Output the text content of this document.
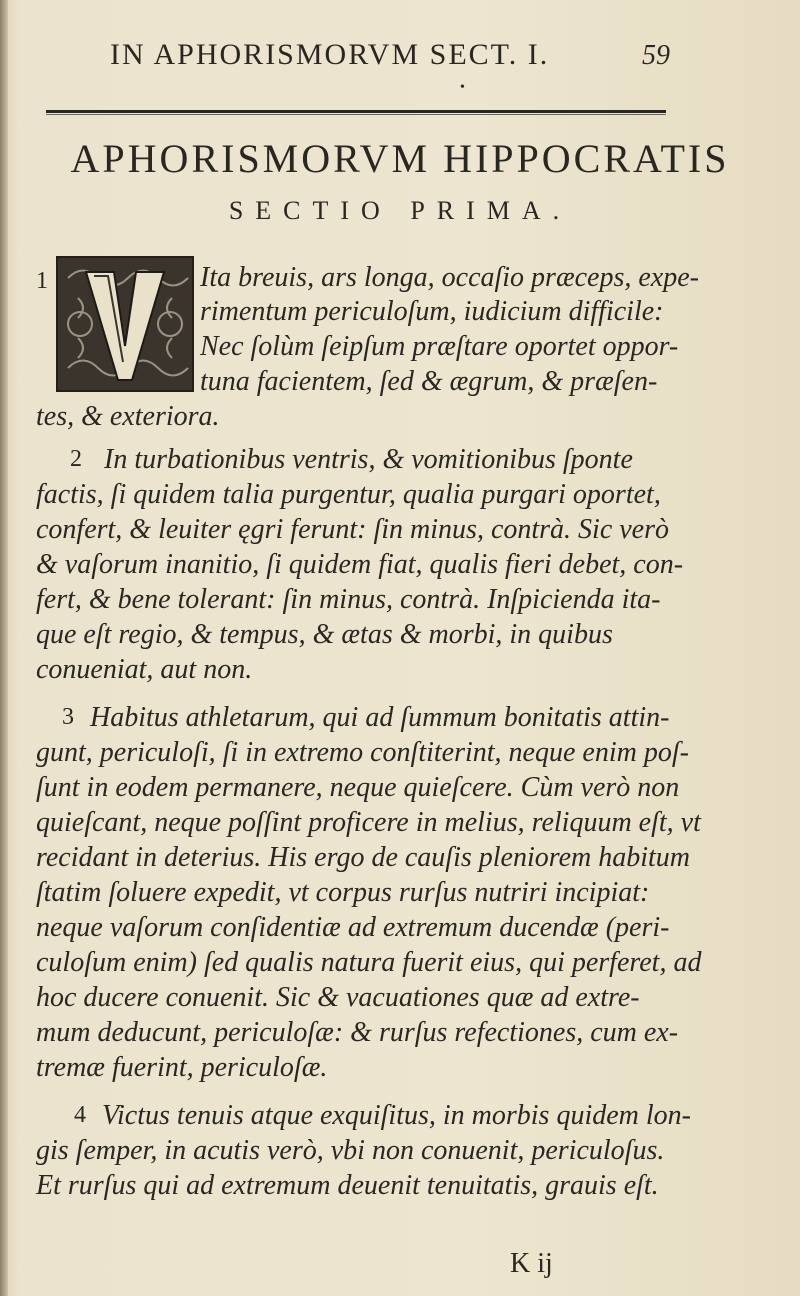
IN APHORISMORVM SECT. I.	59
•
APHORISMORVM HIPPOCRATIS
SECTIO PRIMA.
1	Ita breuis, ars longa, occaſio præceps, expe-
rimentum periculoſum, iudicium difficile:
Nec ſolùm ſeipſum præſtare oportet oppor-
tuna facientem, ſed & ægrum, & præſen-
tes, & exteriora.
2 In turbationibus ventris, & vomitionibus ſponte
factis, ſi quidem talia purgentur, qualia purgari oportet,
confert, & leuiter ęgri ferunt: ſin minus, contrà. Sic verò
& vaſorum inanitio, ſi quidem fiat, qualis fieri debet, con-
fert, & bene tolerant: ſin minus, contrà. Inſpicienda ita-
que eſt regio, & tempus, & ætas & morbi, in quibus
conueniat, aut non.
3 Habitus athletarum, qui ad ſummum bonitatis attin-
gunt, periculoſi, ſi in extremo conſtiterint, neque enim poſ-
ſunt in eodem permanere, neque quieſcere. Cùm verò non
quieſcant, neque poſſint proficere in melius, reliquum eſt, vt
recidant in deterius. His ergo de cauſis pleniorem habitum
ſtatim ſoluere expedit, vt corpus rurſus nutriri incipiat:
neque vaſorum conſidentiæ ad extremum ducendæ (peri-
culoſum enim) ſed qualis natura fuerit eius, qui perferet, ad
hoc ducere conuenit. Sic & vacuationes quæ ad extre-
mum deducunt, periculoſæ: & rurſus refectiones, cum ex-
tremæ fuerint, periculoſæ.
4 Victus tenuis atque exquiſitus, in morbis quidem lon-
gis ſemper, in acutis verò, vbi non conuenit, periculoſus.
Et rurſus qui ad extremum deuenit tenuitatis, grauis eſt.
K ij
